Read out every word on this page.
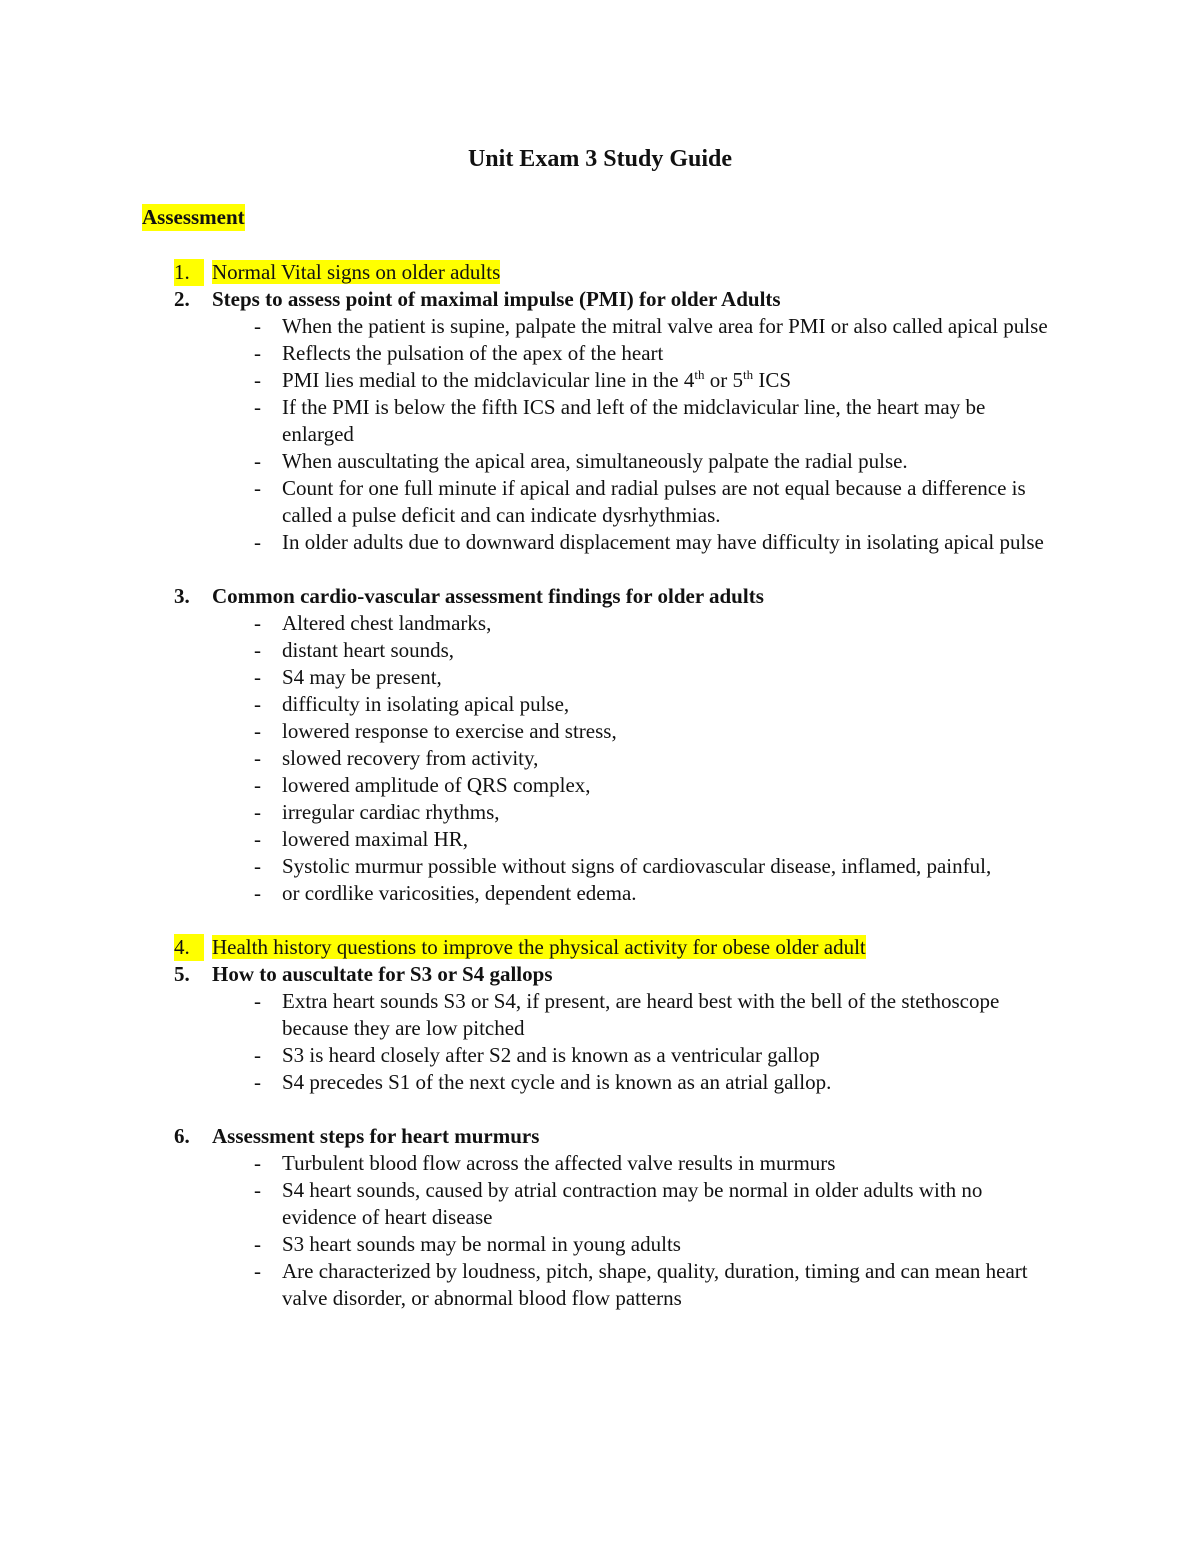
Unit Exam 3 Study Guide
Assessment
1.	Normal Vital signs on older adults
2. Steps to assess point of maximal impulse (PMI) for older Adults
- When the patient is supine, palpate the mitral valve area for PMI or also called apical pulse
- Reflects the pulsation of the apex of the heart
- PMI lies medial to the midclavicular line in the 4th or 5th ICS
- If the PMI is below the fifth ICS and left of the midclavicular line, the heart may be enlarged
- When auscultating the apical area, simultaneously palpate the radial pulse.
- Count for one full minute if apical and radial pulses are not equal because a difference is called a pulse deficit and can indicate dysrhythmias.
- In older adults due to downward displacement may have difficulty in isolating apical pulse
3. Common cardio-vascular assessment findings for older adults
- Altered chest landmarks,
- distant heart sounds,
- S4 may be present,
- difficulty in isolating apical pulse,
- lowered response to exercise and stress,
- slowed recovery from activity,
- lowered amplitude of QRS complex,
- irregular cardiac rhythms,
- lowered maximal HR,
- Systolic murmur possible without signs of cardiovascular disease, inflamed, painful,
- or cordlike varicosities, dependent edema.
4.	Health history questions to improve the physical activity for obese older adult
5. How to auscultate for S3 or S4 gallops
- Extra heart sounds S3 or S4, if present, are heard best with the bell of the stethoscope because they are low pitched
- S3 is heard closely after S2 and is known as a ventricular gallop
- S4 precedes S1 of the next cycle and is known as an atrial gallop.
6. Assessment steps for heart murmurs
- Turbulent blood flow across the affected valve results in murmurs
- S4 heart sounds, caused by atrial contraction may be normal in older adults with no evidence of heart disease
- S3 heart sounds may be normal in young adults
- Are characterized by loudness, pitch, shape, quality, duration, timing and can mean heart valve disorder, or abnormal blood flow patterns
